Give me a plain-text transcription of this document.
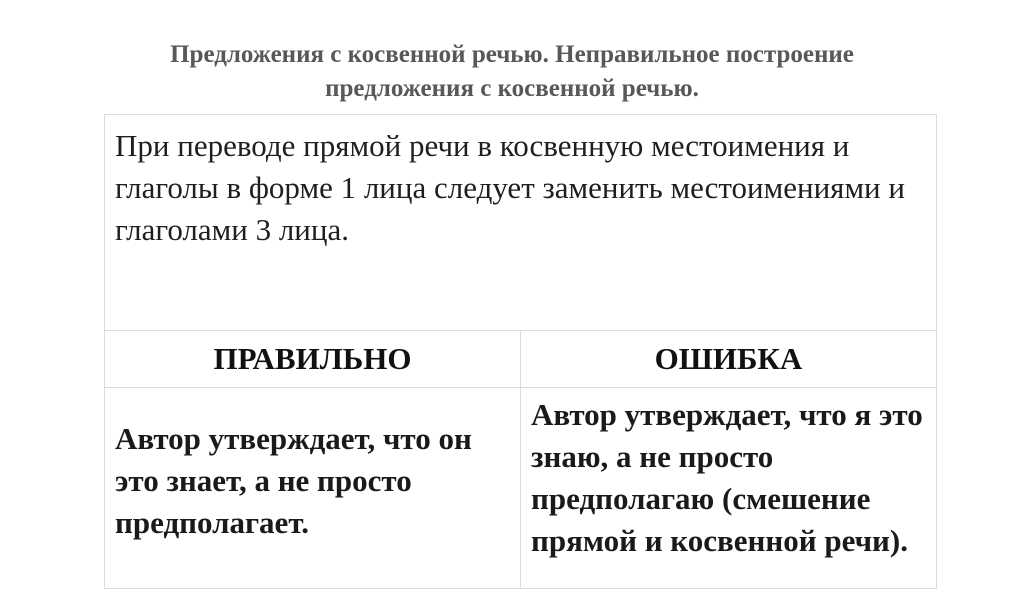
Предложения с косвенной речью. Неправильное построение
предложения с косвенной речью.
При переводе прямой речи в косвенную местоимения и глаголы в форме 1 лица следует заменить местоимениями и глаголами 3 лица.	

ПРАВИЛЬНО	ОШИБКА

Автор утверждает, что он это знает, а не просто предполагает.	Автор утверждает, что я это знаю, а не просто предполагаю (смешение прямой и косвенной речи).
